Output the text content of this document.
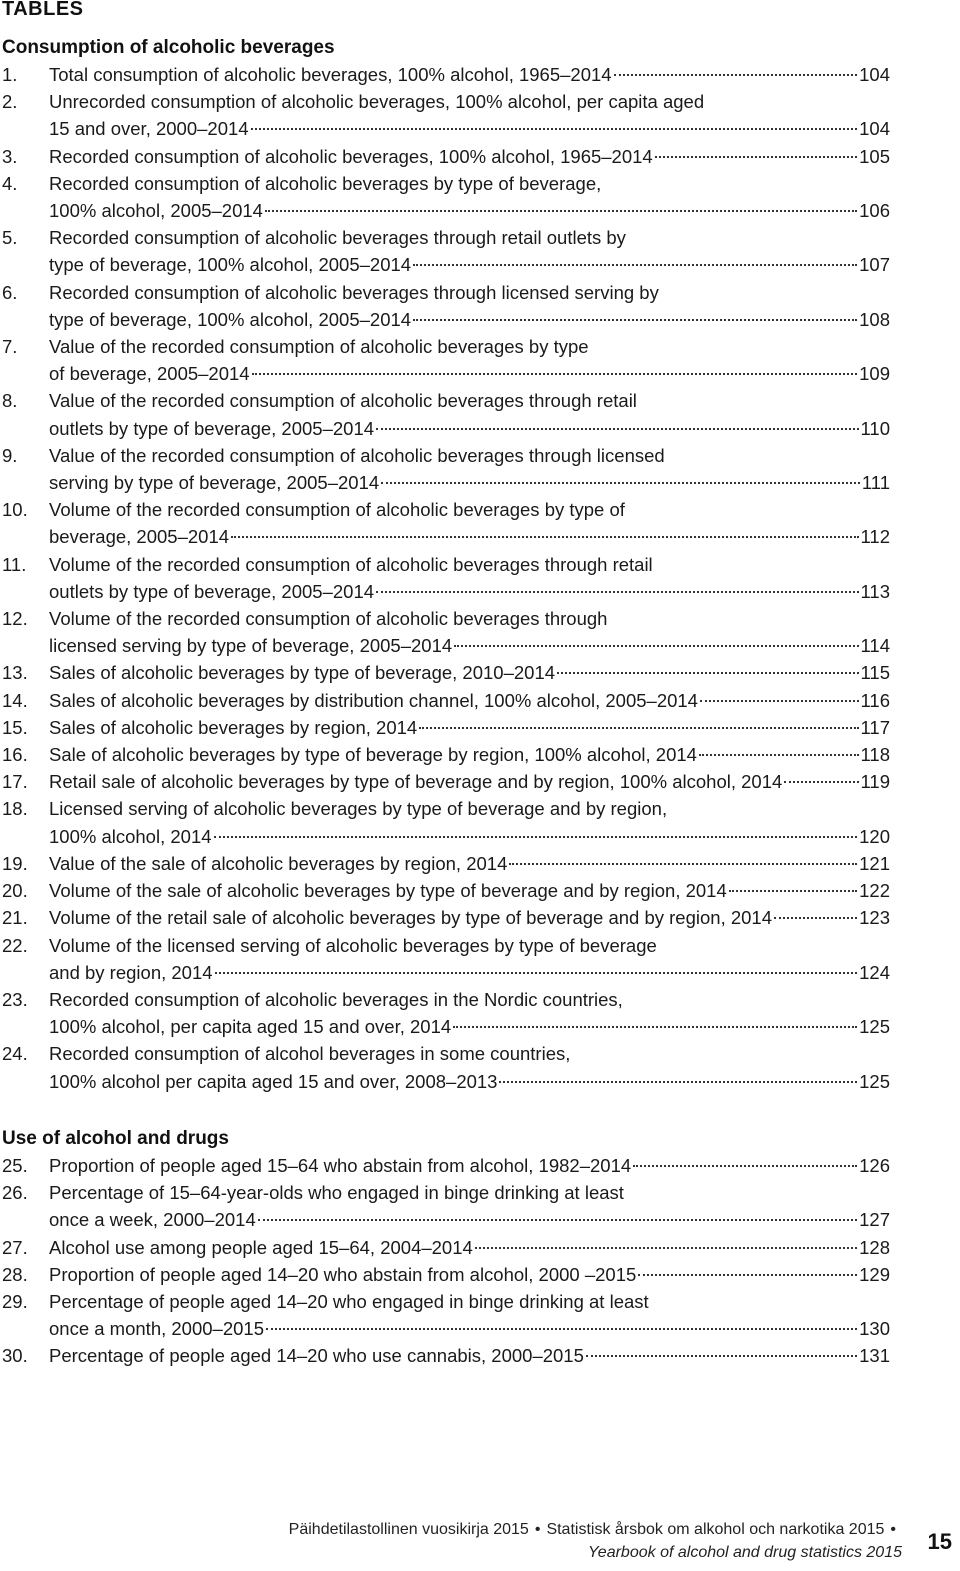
TABLES
Consumption of alcoholic beverages
1.	Total consumption of alcoholic beverages, 100% alcohol, 1965–2014	104
2.	Unrecorded consumption of alcoholic beverages, 100% alcohol, per capita aged
15 and over, 2000–2014	104
3.	Recorded consumption of alcoholic beverages, 100% alcohol, 1965–2014	105
4.	Recorded consumption of alcoholic beverages by type of beverage,
100% alcohol, 2005–2014	106
5.	Recorded consumption of alcoholic beverages through retail outlets by
type of beverage, 100% alcohol, 2005–2014	107
6.	Recorded consumption of alcoholic beverages through licensed serving by
type of beverage, 100% alcohol, 2005–2014	108
7.	Value of the recorded consumption of alcoholic beverages by type
of beverage, 2005–2014	109
8.	Value of the recorded consumption of alcoholic beverages through retail
outlets by type of beverage, 2005–2014	110
9.	Value of the recorded consumption of alcoholic beverages through licensed
serving by type of beverage, 2005–2014	111
10.	Volume of the recorded consumption of alcoholic beverages by type of
beverage, 2005–2014	112
11.	Volume of the recorded consumption of alcoholic beverages through retail
outlets by type of beverage, 2005–2014	113
12.	Volume of the recorded consumption of alcoholic beverages through
licensed serving by type of beverage, 2005–2014	114
13.	Sales of alcoholic beverages by type of beverage, 2010–2014	115
14.	Sales of alcoholic beverages by distribution channel, 100% alcohol, 2005–2014	116
15.	Sales of alcoholic beverages by region, 2014	117
16.	Sale of alcoholic beverages by type of beverage by region, 100% alcohol, 2014	118
17.	Retail sale of alcoholic beverages by type of beverage and by region, 100% alcohol, 2014	119
18.	Licensed serving of alcoholic beverages by type of beverage and by region,
100% alcohol, 2014	120
19.	Value of the sale of alcoholic beverages by region, 2014	121
20.	Volume of the sale of alcoholic beverages by type of beverage and by region, 2014	122
21.	Volume of the retail sale of alcoholic beverages by type of beverage and by region, 2014	123
22.	Volume of the licensed serving of alcoholic beverages by type of beverage
and by region, 2014	124
23.	Recorded consumption of alcoholic beverages in the Nordic countries,
100% alcohol, per capita aged 15 and over, 2014	125
24.	Recorded consumption of alcohol beverages in some countries,
100% alcohol per capita aged 15 and over, 2008–2013	125
Use of alcohol and drugs
25.	Proportion of people aged 15–64 who abstain from alcohol, 1982–2014	126
26.	Percentage of 15–64-year-olds who engaged in binge drinking at least
once a week, 2000–2014	127
27.	Alcohol use among people aged 15–64, 2004–2014	128
28.	Proportion of people aged 14–20 who abstain from alcohol, 2000 –2015	129
29.	Percentage of people aged 14–20 who engaged in binge drinking at least
once a month, 2000–2015	130
30.	Percentage of people aged 14–20 who use cannabis, 2000–2015	131
Päihdetilastollinen vuosikirja 2015 • Statistisk årsbok om alkohol och narkotika 2015 •
Yearbook of alcohol and drug statistics 2015 15
